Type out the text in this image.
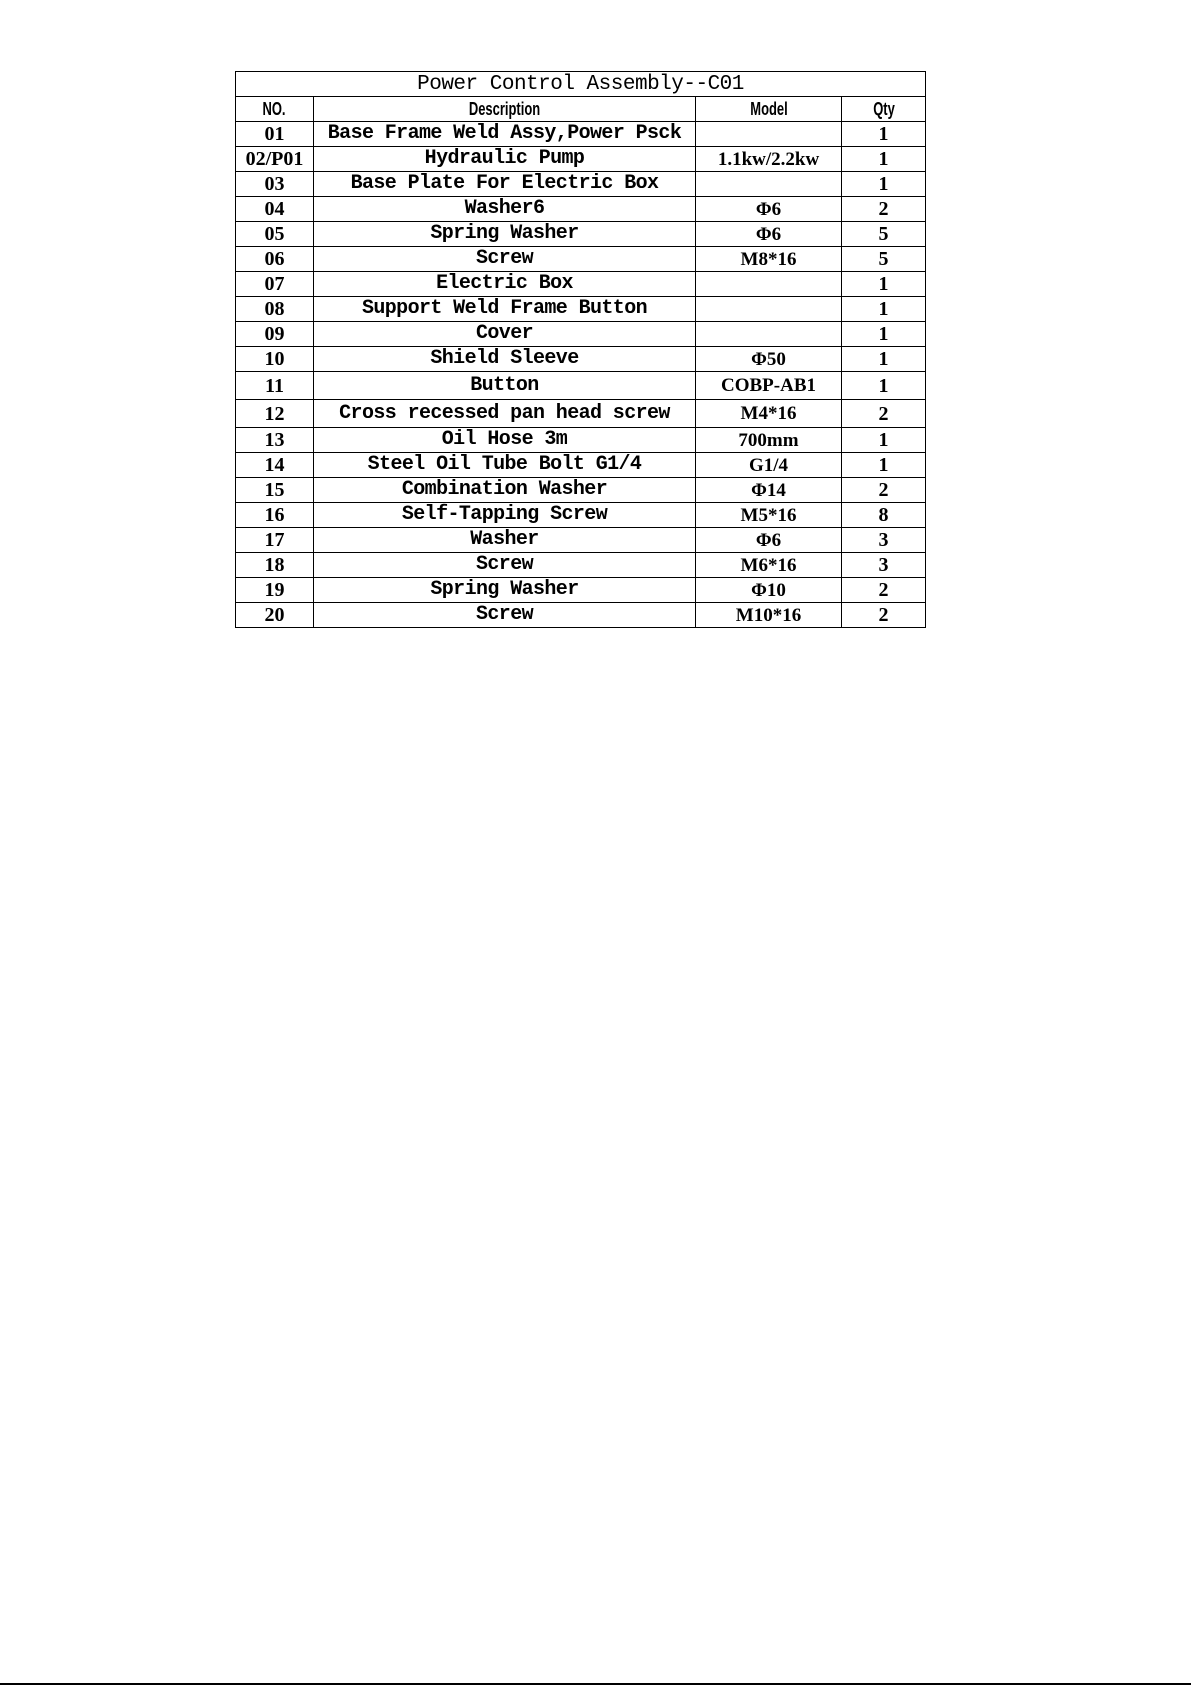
Power Control Assembly--C01			
NO.	Description	Model	Qty
01	Base Frame Weld Assy,Power Psck		1
02/P01	Hydraulic Pump	1.1kw/2.2kw	1
03	Base Plate For Electric Box		1
04	Washer6	Φ6	2
05	Spring Washer	Φ6	5
06	Screw	M8*16	5
07	Electric Box		1
08	Support Weld Frame Button		1
09	Cover		1
10	Shield Sleeve	Φ50	1
11	Button	COBP-AB1	1
12	Cross recessed pan head screw	M4*16	2
13	Oil Hose 3m	700mm	1
14	Steel Oil Tube Bolt G1/4	G1/4	1
15	Combination Washer	Φ14	2
16	Self-Tapping Screw	M5*16	8
17	Washer	Φ6	3
18	Screw	M6*16	3
19	Spring Washer	Φ10	2
20	Screw	M10*16	2
